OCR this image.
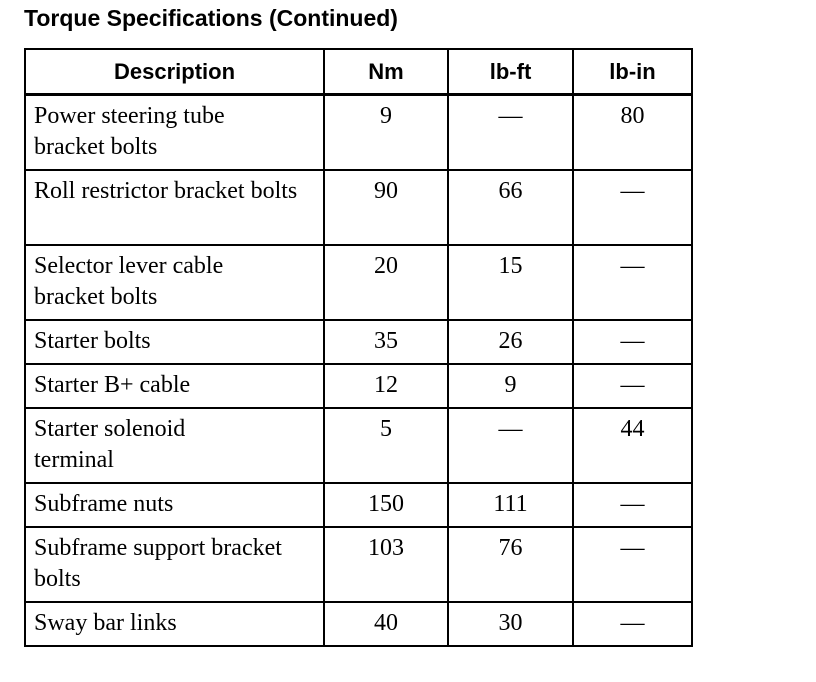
Torque Specifications (Continued)
Description	Nm	lb-ft	lb-in
Power steering tube bracket bolts	9	—	80
Roll restrictor bracket bolts	90	66	—
Selector lever cable bracket bolts	20	15	—
Starter bolts	35	26	—
Starter B+ cable	12	9	—
Starter solenoid terminal	5	—	44
Subframe nuts	150	111	—
Subframe support bracket bolts	103	76	—
Sway bar links	40	30	—
